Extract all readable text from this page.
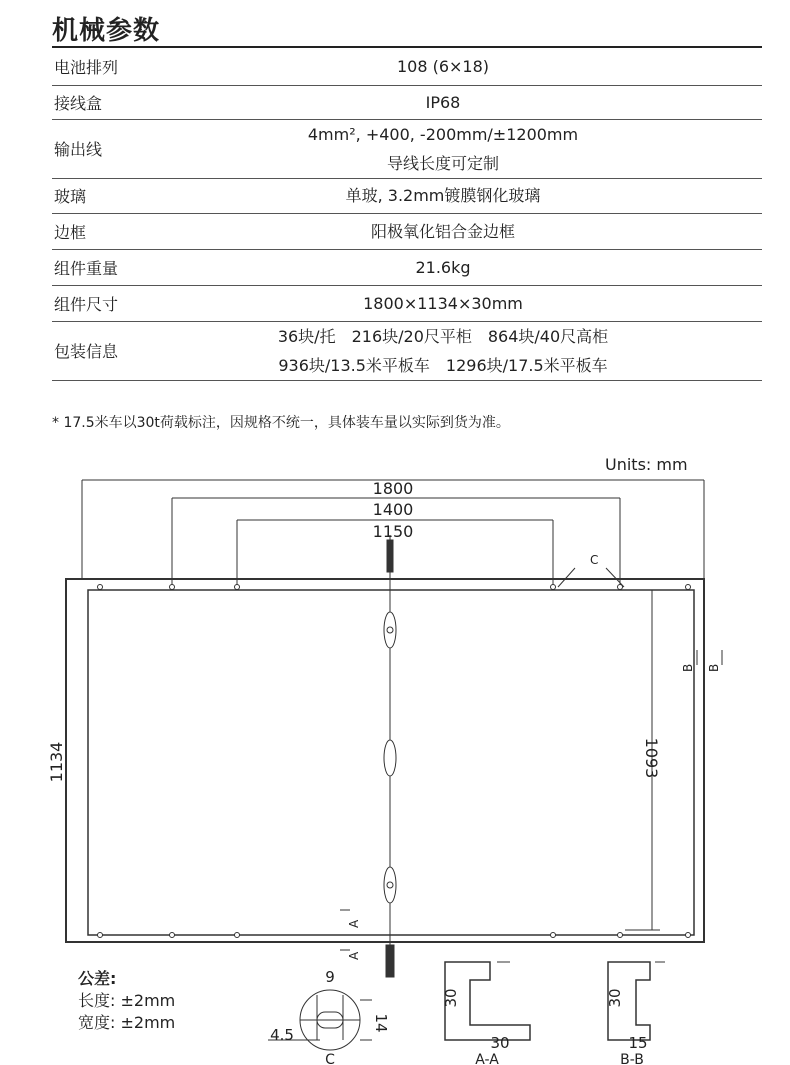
机械参数
电池排列	108 (6×18)

接线盒	IP68

输出线	4mm², +400, -200mm/±1200mm
导线长度可定制

玻璃	单玻, 3.2mm镀膜钢化玻璃

边框	阳极氧化铝合金边框

组件重量	21.6kg

组件尺寸	1800×1134×30mm

包装信息	36块/托 216块/20尺平柜 864块/40尺高柜
936块/13.5米平板车 1296块/17.5米平板车
* 17.5米车以30t荷载标注，因规格不统一，具体装车量以实际到货为准。
Units: mm
1800
1400
1150
1134	1093
C
B B
A
A
9
14
4.5
C
30
30
A-A
30
15
B-B
公差:
长度: ±2mm
宽度: ±2mm
